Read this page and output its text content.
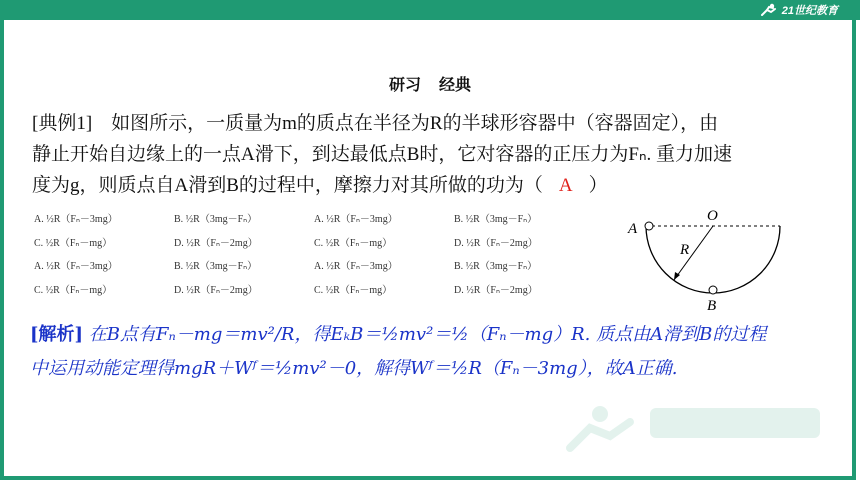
21世纪教育
研习 经典
[典例1]　如图所示，一质量为m的质点在半径为R的半球形容器中（容器固定），由
静止开始自边缘上的一点A滑下，到达最低点B时，它对容器的正压力为Fₙ. 重力加速
度为g，则质点自A滑到B的过程中，摩擦力对其所做的功为（ A ）
A. ½R（Fₙ－3mg）	B. ½R（3mg－Fₙ）	A. ½R（Fₙ－3mg）	B. ½R（3mg－Fₙ）
C. ½R（Fₙ－mg）	D. ½R（Fₙ－2mg）	C. ½R（Fₙ－mg）	D. ½R（Fₙ－2mg）
A. ½R（Fₙ－3mg）	B. ½R（3mg－Fₙ）	A. ½R（Fₙ－3mg）	B. ½R（3mg－Fₙ）
C. ½R（Fₙ－mg）	D. ½R（Fₙ－2mg）	C. ½R（Fₙ－mg）	D. ½R（Fₙ－2mg）
A
O
R
B
[解析] 在B点有Fₙ－mg＝mv²/R，得EₖB＝½mv²＝½（Fₙ－mg）R. 质点由A滑到B的过程
中运用动能定理得mgR＋Wᶠ＝½mv²－0，解得Wᶠ＝½R（Fₙ－3mg），故A正确.
